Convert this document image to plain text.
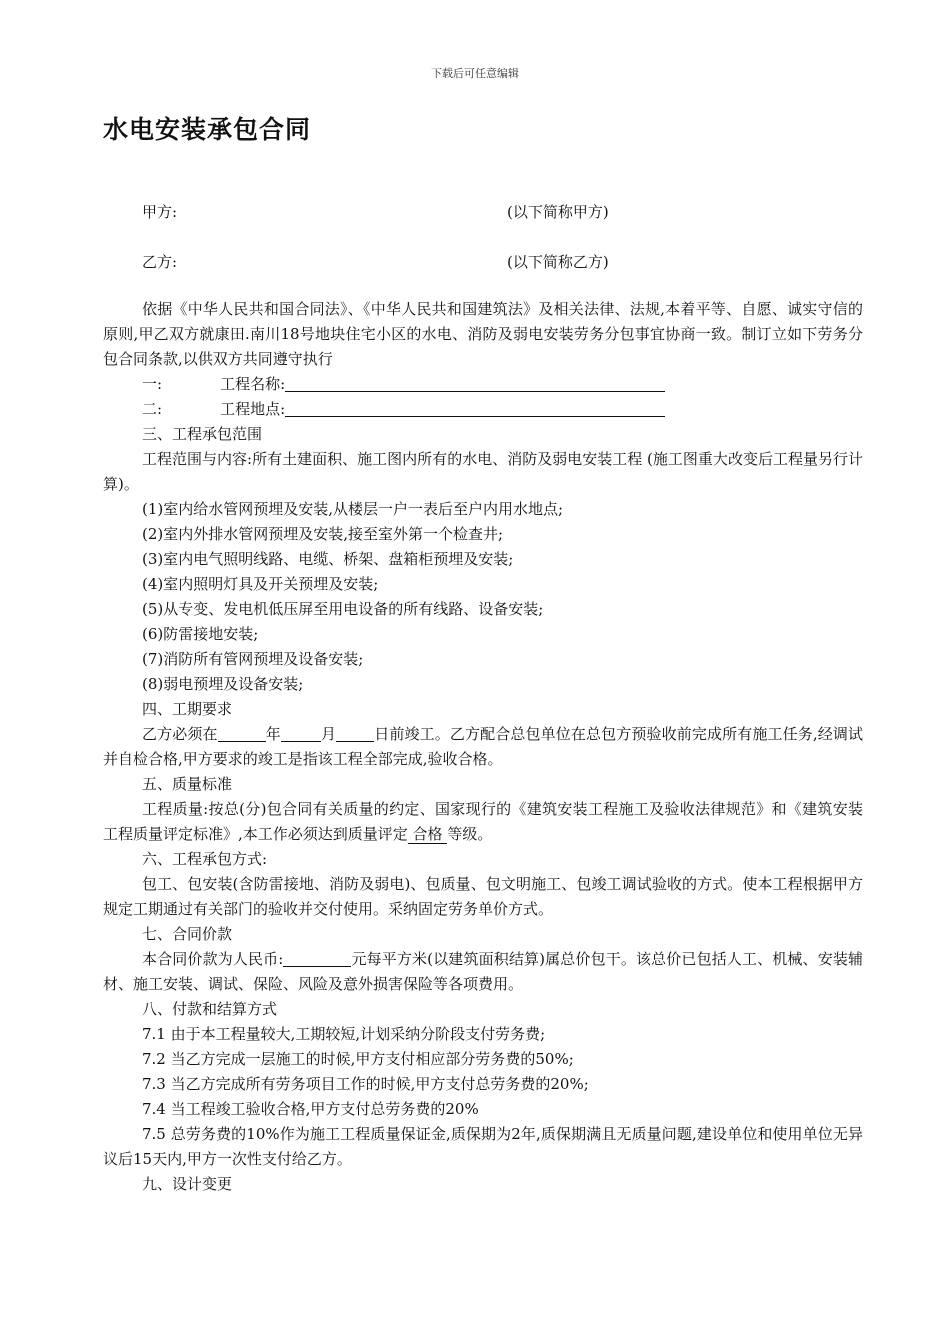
下载后可任意编辑
水电安装承包合同
甲方:	(以下简称甲方)
乙方:	(以下简称乙方)

依据《中华人民共和国合同法》、《中华人民共和国建筑法》及相关法律、法规,本着平等、自愿、诚实守信的原则,甲乙双方就康田.南川18号地块住宅小区的水电、消防及弱电安装劳务分包事宜协商一致。制订立如下劳务分包合同条款,以供双方共同遵守执行

一:	工程名称:

二:	工程地点:

三、工程承包范围

工程范围与内容:所有土建面积、施工图内所有的水电、消防及弱电安装工程 (施工图重大改变后工程量另行计算)。

(1)室内给水管网预埋及安装,从楼层一户一表后至户内用水地点;

(2)室内外排水管网预埋及安装,接至室外第一个检查井;

(3)室内电气照明线路、电缆、桥架、盘箱柜预埋及安装;

(4)室内照明灯具及开关预埋及安装;

(5)从专变、发电机低压屏至用电设备的所有线路、设备安装;

(6)防雷接地安装;

(7)消防所有管网预埋及设备安装;

(8)弱电预埋及设备安装;

四、工期要求

乙方必须在	年	月	日前竣工。乙方配合总包单位在总包方预验收前完成所有施工任务,经调试并自检合格,甲方要求的竣工是指该工程全部完成,验收合格。

五、质量标准

工程质量:按总(分)包合同有关质量的约定、国家现行的《建筑安装工程施工及验收法律规范》和《建筑安装工程质量评定标准》,本工作必须达到质量评定 合格 等级。

六、工程承包方式:

包工、包安装(含防雷接地、消防及弱电)、包质量、包文明施工、包竣工调试验收的方式。使本工程根据甲方规定工期通过有关部门的验收并交付使用。采纳固定劳务单价方式。

七、合同价款

本合同价款为人民币:	元每平方米(以建筑面积结算)属总价包干。该总价已包括人工、机械、安装辅材、施工安装、调试、保险、风险及意外损害保险等各项费用。

八、付款和结算方式

7.1 由于本工程量较大,工期较短,计划采纳分阶段支付劳务费;

7.2 当乙方完成一层施工的时候,甲方支付相应部分劳务费的50%;

7.3 当乙方完成所有劳务项目工作的时候,甲方支付总劳务费的20%;

7.4 当工程竣工验收合格,甲方支付总劳务费的20%

7.5 总劳务费的10%作为施工工程质量保证金,质保期为2年,质保期满且无质量问题,建设单位和使用单位无异议后15天内,甲方一次性支付给乙方。

九、设计变更
